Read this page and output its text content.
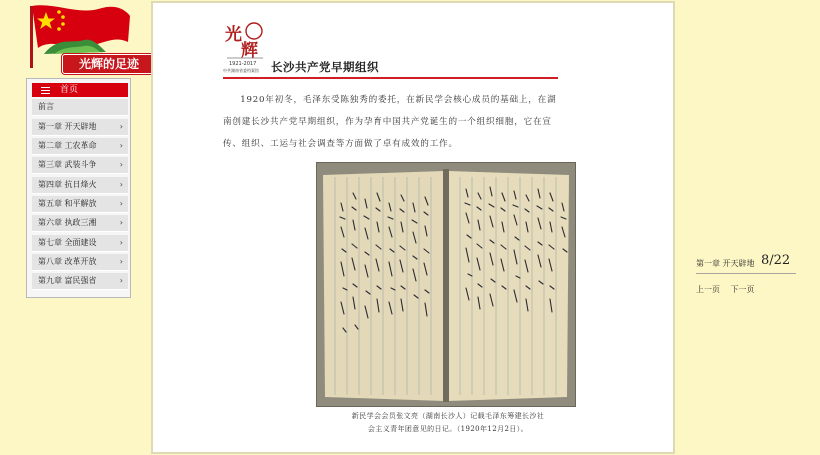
光辉的足迹
首页
前言
第一章 开天辟地	›
第二章 工农革命	›
第三章 武装斗争	›
第四章 抗日烽火	›
第五章 和平解放	›
第六章 执政三湘	›
第七章 全面建设	›
第八章 改革开放	›
第九章 富民强省	›
光
辉
1921-2017
中共湖南省委档案馆 长沙共产党早期组织

1920年初冬，毛泽东受陈独秀的委托，在新民学会核心成员的基础上，在湖南创建长沙共产党早期组织，作为孕育中国共产党诞生的一个组织细胞，它在宣传、组织、工运与社会调查等方面做了卓有成效的工作。

新民学会会员张文亮（湖南长沙人）记载毛泽东筹建长沙社
会主义青年团意见的日记。（1920年12月2日）。
第一章 开天辟地 8/22
上一页 下一页
